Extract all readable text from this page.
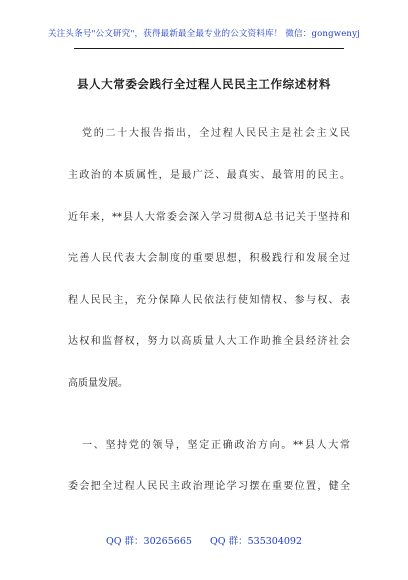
关注头条号"公文研究"，获得最新最全最专业的公文资料库！ 微信：gongwenyj
县人大常委会践行全过程人民民主工作综述材料
党的二十大报告指出，全过程人民民主是社会主义民
主政治的本质属性，是最广泛、最真实、最管用的民主。
近年来，**县人大常委会深入学习贯彻A总书记关于坚持和
完善人民代表大会制度的重要思想，积极践行和发展全过
程人民民主，充分保障人民依法行使知情权、参与权、表
达权和监督权，努力以高质量人大工作助推全县经济社会
高质量发展。
一、坚持党的领导，坚定正确政治方向。**县人大常
委会把全过程人民民主政治理论学习摆在重要位置，健全
QQ 群：30265665      QQ 群：535304092
